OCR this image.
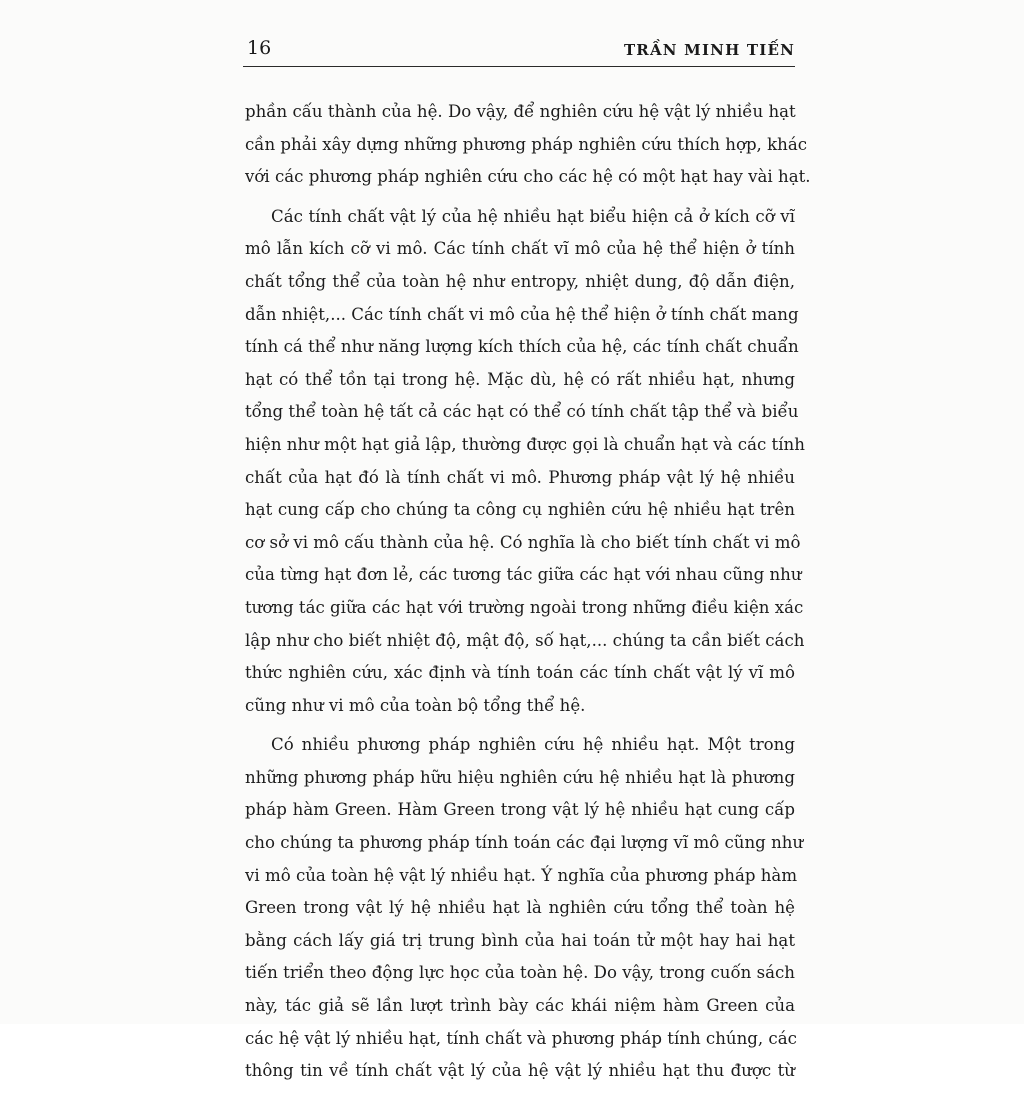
16	TRẦN MINH TIẾN
phần cấu thành của hệ. Do vậy, để nghiên cứu hệ vật lý nhiều hạt
cần phải xây dựng những phương pháp nghiên cứu thích hợp, khác
với các phương pháp nghiên cứu cho các hệ có một hạt hay vài hạt.
Các tính chất vật lý của hệ nhiều hạt biểu hiện cả ở kích cỡ vĩ
mô lẫn kích cỡ vi mô. Các tính chất vĩ mô của hệ thể hiện ở tính
chất tổng thể của toàn hệ như entropy, nhiệt dung, độ dẫn điện,
dẫn nhiệt,... Các tính chất vi mô của hệ thể hiện ở tính chất mang
tính cá thể như năng lượng kích thích của hệ, các tính chất chuẩn
hạt có thể tồn tại trong hệ. Mặc dù, hệ có rất nhiều hạt, nhưng
tổng thể toàn hệ tất cả các hạt có thể có tính chất tập thể và biểu
hiện như một hạt giả lập, thường được gọi là chuẩn hạt và các tính
chất của hạt đó là tính chất vi mô. Phương pháp vật lý hệ nhiều
hạt cung cấp cho chúng ta công cụ nghiên cứu hệ nhiều hạt trên
cơ sở vi mô cấu thành của hệ. Có nghĩa là cho biết tính chất vi mô
của từng hạt đơn lẻ, các tương tác giữa các hạt với nhau cũng như
tương tác giữa các hạt với trường ngoài trong những điều kiện xác
lập như cho biết nhiệt độ, mật độ, số hạt,... chúng ta cần biết cách
thức nghiên cứu, xác định và tính toán các tính chất vật lý vĩ mô
cũng như vi mô của toàn bộ tổng thể hệ.
Có nhiều phương pháp nghiên cứu hệ nhiều hạt. Một trong
những phương pháp hữu hiệu nghiên cứu hệ nhiều hạt là phương
pháp hàm Green. Hàm Green trong vật lý hệ nhiều hạt cung cấp
cho chúng ta phương pháp tính toán các đại lượng vĩ mô cũng như
vi mô của toàn hệ vật lý nhiều hạt. Ý nghĩa của phương pháp hàm
Green trong vật lý hệ nhiều hạt là nghiên cứu tổng thể toàn hệ
bằng cách lấy giá trị trung bình của hai toán tử một hay hai hạt
tiến triển theo động lực học của toàn hệ. Do vậy, trong cuốn sách
này, tác giả sẽ lần lượt trình bày các khái niệm hàm Green của
các hệ vật lý nhiều hạt, tính chất và phương pháp tính chúng, các
thông tin về tính chất vật lý của hệ vật lý nhiều hạt thu được từ
